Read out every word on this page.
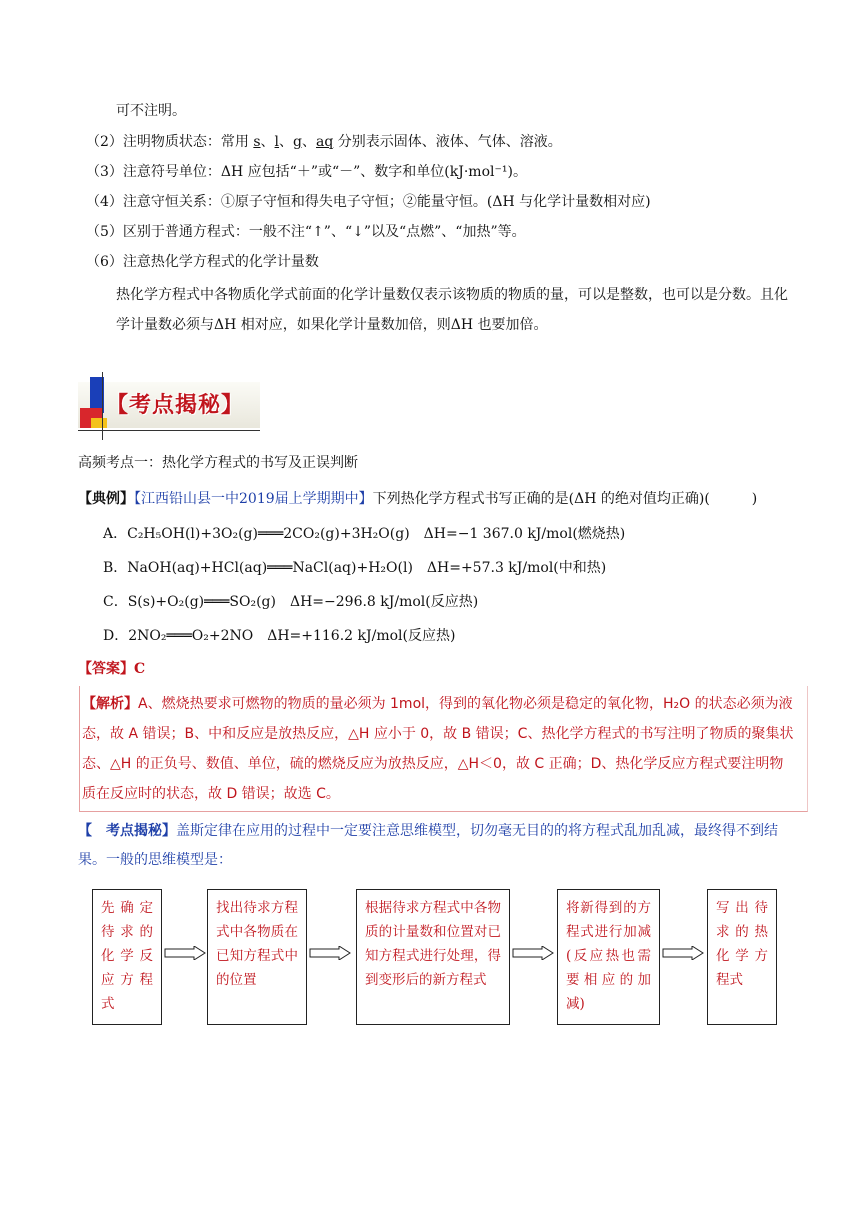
可不注明。
（2）注明物质状态：常用 s、l、g、aq 分别表示固体、液体、气体、溶液。
（3）注意符号单位：ΔH 应包括“＋”或“－”、数字和单位(kJ·mol⁻¹)。
（4）注意守恒关系：①原子守恒和得失电子守恒；②能量守恒。(ΔH 与化学计量数相对应)
（5）区别于普通方程式：一般不注“↑”、“↓”以及“点燃”、“加热”等。
（6）注意热化学方程式的化学计量数
热化学方程式中各物质化学式前面的化学计量数仅表示该物质的物质的量，可以是整数，也可以是分数。且化学计量数必须与ΔH 相对应，如果化学计量数加倍，则ΔH 也要加倍。
【考点揭秘】
高频考点一：热化学方程式的书写及正误判断
【典例】【江西铅山县一中2019届上学期期中】下列热化学方程式书写正确的是(ΔH 的绝对值均正确)(　　　)
A．C₂H₅OH(l)+3O₂(g)═══2CO₂(g)+3H₂O(g)　ΔH=−1 367.0 kJ/mol(燃烧热)
B．NaOH(aq)+HCl(aq)═══NaCl(aq)+H₂O(l)　ΔH=+57.3 kJ/mol(中和热)
C．S(s)+O₂(g)═══SO₂(g)　ΔH=−296.8 kJ/mol(反应热)
D．2NO₂═══O₂+2NO　ΔH=+116.2 kJ/mol(反应热)
【答案】C
【解析】A、燃烧热要求可燃物的物质的量必须为 1mol，得到的氧化物必须是稳定的氧化物，H₂O 的状态必须为液态，故 A 错误；B、中和反应是放热反应，△H 应小于 0，故 B 错误；C、热化学方程式的书写注明了物质的聚集状态、△H 的正负号、数值、单位，硫的燃烧反应为放热反应，△H＜0，故 C 正确；D、热化学反应方程式要注明物质在反应时的状态，故 D 错误；故选 C。
【　考点揭秘】盖斯定律在应用的过程中一定要注意思维模型，切勿毫无目的的将方程式乱加乱减，最终得不到结果。一般的思维模型是：
先确定待求的化学反应方程式
找出待求方程式中各物质在已知方程式中的位置
根据待求方程式中各物质的计量数和位置对已知方程式进行处理，得到变形后的新方程式
将新得到的方程式进行加减(反应热也需要相应的加减)
写出待求的热化学方程式
